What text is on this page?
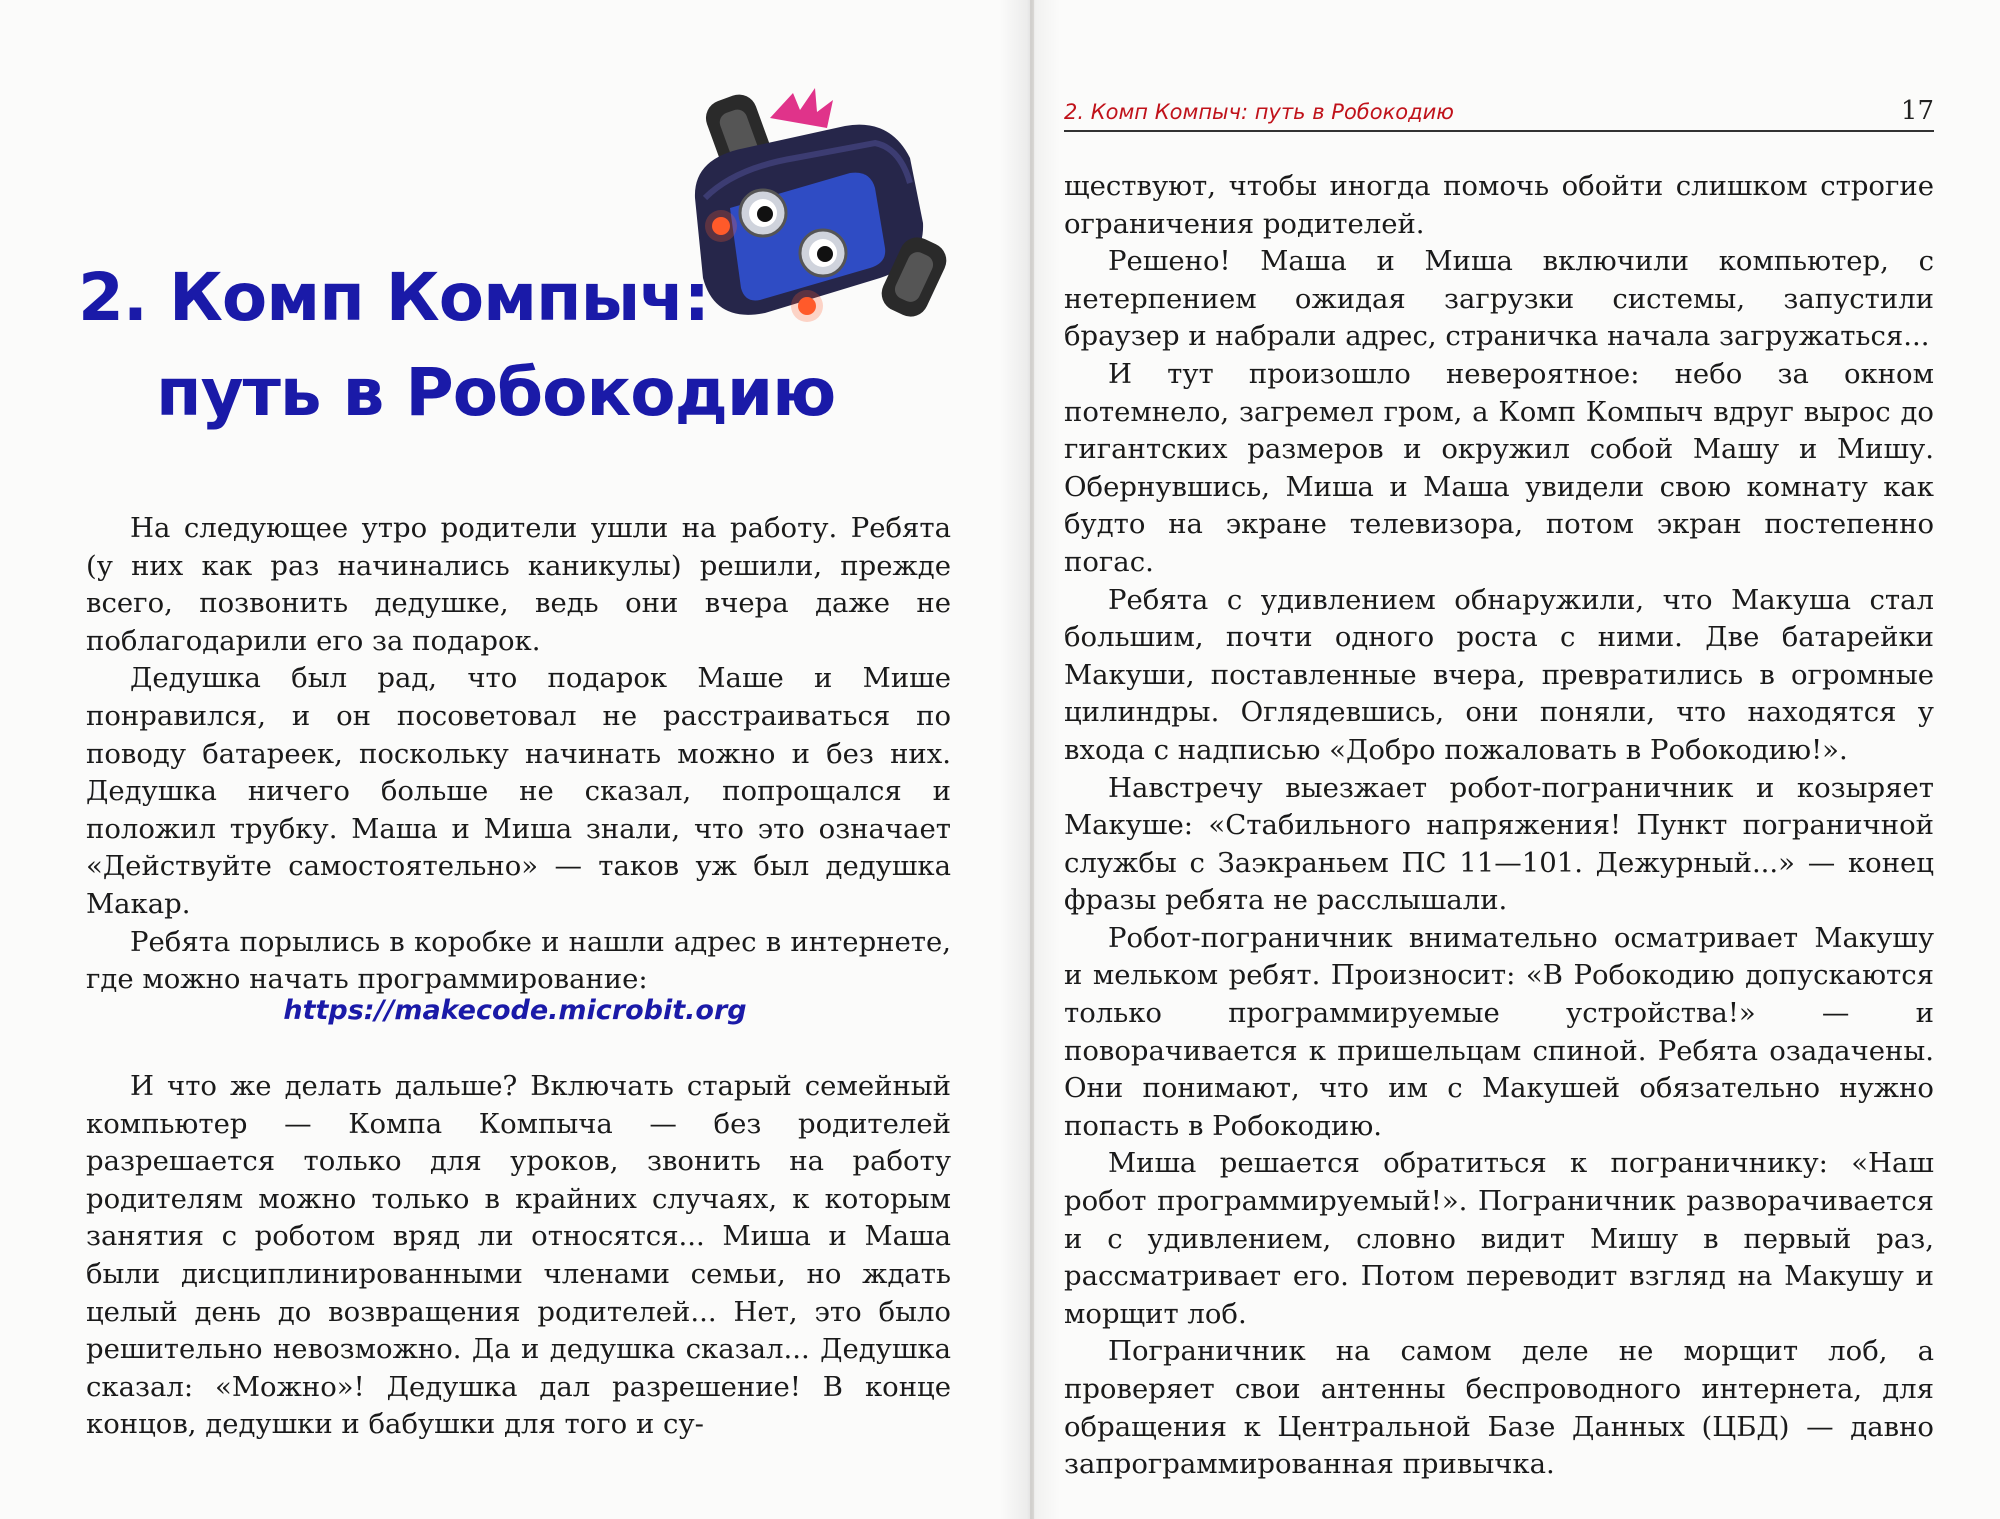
2. Комп Компыч:
путь в Робокодию

На следующее утро родители ушли на работу. Ребята (у них как раз начинались каникулы) решили, прежде всего, позвонить дедушке, ведь они вчера даже не поблагодарили его за подарок.

Дедушка был рад, что подарок Маше и Мише понравился, и он посоветовал не расстраиваться по поводу батареек, поскольку начинать можно и без них. Дедушка ничего больше не сказал, попрощался и положил трубку. Маша и Миша знали, что это означает «Действуйте самостоятельно» — таков уж был дедушка Макар.

Ребята порылись в коробке и нашли адрес в интернете, где можно начать программирование:

https://makecode.microbit.org

И что же делать дальше? Включать старый семейный компьютер — Компа Компыча — без родителей разрешается только для уроков, звонить на работу родителям можно только в крайних случаях, к которым занятия с роботом вряд ли относятся... Миша и Маша были дисциплинированными членами семьи, но ждать целый день до возвращения родителей... Нет, это было решительно невозможно. Да и дедушка сказал... Дедушка сказал: «Можно»! Дедушка дал разрешение! В конце концов, дедушки и бабушки для того и су-

2. Комп Компыч: путь в Робокодию	17

ществуют, чтобы иногда помочь обойти слишком строгие ограничения родителей.

Решено! Маша и Миша включили компьютер, с нетерпением ожидая загрузки системы, запустили браузер и набрали адрес, страничка начала загружаться...

И тут произошло невероятное: небо за окном потемнело, загремел гром, а Комп Компыч вдруг вырос до гигантских размеров и окружил собой Машу и Мишу. Обернувшись, Миша и Маша увидели свою комнату как будто на экране телевизора, потом экран постепенно погас.

Ребята с удивлением обнаружили, что Макуша стал большим, почти одного роста с ними. Две батарейки Макуши, поставленные вчера, превратились в огромные цилиндры. Оглядевшись, они поняли, что находятся у входа с надписью «Добро пожаловать в Робокодию!».

Навстречу выезжает робот-пограничник и козыряет Макуше: «Стабильного напряжения! Пункт пограничной службы с Заэкраньем ПС 11—101. Дежурный...» — конец фразы ребята не расслышали.

Робот-пограничник внимательно осматривает Макушу и мельком ребят. Произносит: «В Робокодию допускаются только программируемые устройства!» — и поворачивается к пришельцам спиной. Ребята озадачены. Они понимают, что им с Макушей обязательно нужно попасть в Робокодию.

Миша решается обратиться к пограничнику: «Наш робот программируемый!». Пограничник разворачивается и с удивлением, словно видит Мишу в первый раз, рассматривает его. Потом переводит взгляд на Макушу и морщит лоб.

Пограничник на самом деле не морщит лоб, а проверяет свои антенны беспроводного интернета, для обращения к Центральной Базе Данных (ЦБД) — давно запрограммированная привычка.
